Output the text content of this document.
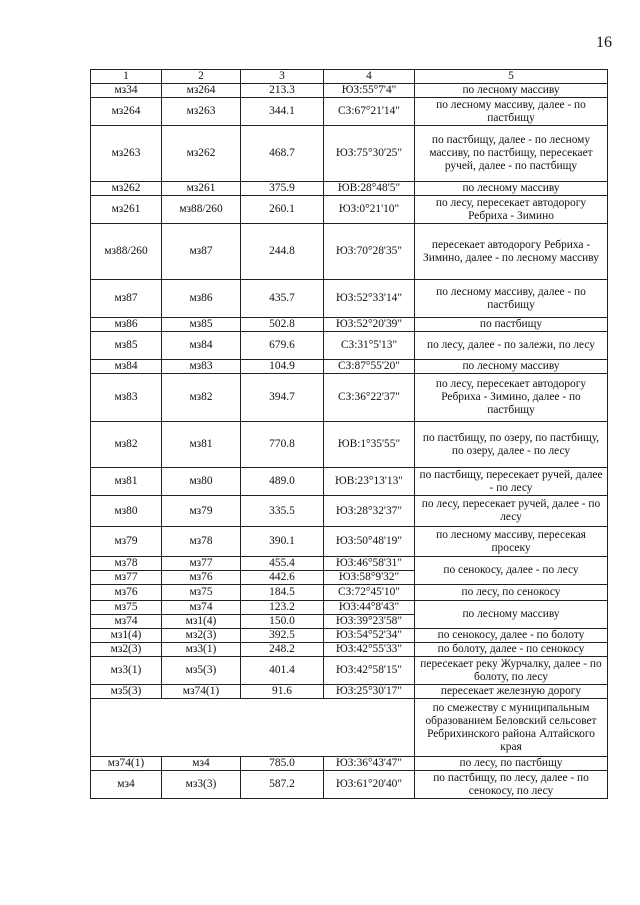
16
1	2	3	4	5
мз34	мз264	213.3	ЮЗ:55°7'4"	по лесному массиву
мз264	мз263	344.1	СЗ:67°21'14"	по лесному массиву, далее - по пастбищу
мз263	мз262	468.7	ЮЗ:75°30'25"	по пастбищу, далее - по лесному массиву, по пастбищу, пересекает ручей, далее - по пастбищу
мз262	мз261	375.9	ЮВ:28°48'5"	по лесному массиву
мз261	мз88/260	260.1	ЮЗ:0°21'10"	по лесу, пересекает автодорогу Ребриха - Зимино
мз88/260	мз87	244.8	ЮЗ:70°28'35"	пересекает автодорогу Ребриха - Зимино, далее - по лесному массиву
мз87	мз86	435.7	ЮЗ:52°33'14"	по лесному массиву, далее - по пастбищу
мз86	мз85	502.8	ЮЗ:52°20'39"	по пастбищу
мз85	мз84	679.6	СЗ:31°5'13"	по лесу, далее - по залежи, по лесу
мз84	мз83	104.9	СЗ:87°55'20"	по лесному массиву
мз83	мз82	394.7	СЗ:36°22'37"	по лесу, пересекает автодорогу Ребриха - Зимино, далее - по пастбищу
мз82	мз81	770.8	ЮВ:1°35'55"	по пастбищу, по озеру, по пастбищу, по озеру, далее - по лесу
мз81	мз80	489.0	ЮВ:23°13'13"	по пастбищу, пересекает ручей, далее - по лесу
мз80	мз79	335.5	ЮЗ:28°32'37"	по лесу, пересекает ручей, далее - по лесу
мз79	мз78	390.1	ЮЗ:50°48'19"	по лесному массиву, пересекая просеку
мз78	мз77	455.4	ЮЗ:46°58'31"	по сенокосу, далее - по лесу
мз77	мз76	442.6	ЮЗ:58°9'32"	
мз76	мз75	184.5	СЗ:72°45'10"	по лесу, по сенокосу
мз75	мз74	123.2	ЮЗ:44°8'43"	по лесному массиву
мз74	мз1(4)	150.0	ЮЗ:39°23'58"	
мз1(4)	мз2(3)	392.5	ЮЗ:54°52'34"	по сенокосу, далее - по болоту
мз2(3)	мз3(1)	248.2	ЮЗ:42°55'33"	по болоту, далее - по сенокосу
мз3(1)	мз5(3)	401.4	ЮЗ:42°58'15"	пересекает реку Журчалку, далее - по болоту, по лесу
мз5(3)	мз74(1)	91.6	ЮЗ:25°30'17"	пересекает железную дорогу
				по смежеству с муниципальным образованием Беловский сельсовет Ребрихинского района Алтайского края
мз74(1)	мз4	785.0	ЮЗ:36°43'47"	по лесу, по пастбищу
мз4	мз3(3)	587.2	ЮЗ:61°20'40"	по пастбищу, по лесу, далее - по сенокосу, по лесу
